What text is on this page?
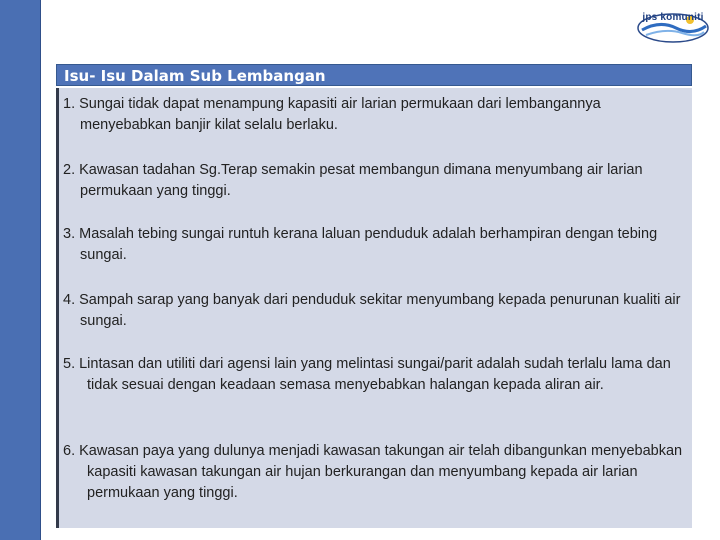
jps komuniti
Isu- Isu Dalam Sub Lembangan
1. Sungai tidak dapat menampung kapasiti air larian permukaan dari lembangannya menyebabkan banjir kilat selalu berlaku.
2. Kawasan tadahan Sg.Terap semakin pesat membangun dimana menyumbang air larian permukaan yang tinggi.
3. Masalah tebing sungai runtuh kerana laluan penduduk adalah berhampiran dengan tebing sungai.
4. Sampah sarap yang banyak dari penduduk sekitar menyumbang kepada penurunan kualiti air sungai.
5. Lintasan dan utiliti dari agensi lain yang melintasi sungai/parit adalah sudah terlalu lama dan tidak sesuai dengan keadaan semasa menyebabkan halangan kepada aliran air.
6. Kawasan paya yang dulunya menjadi kawasan takungan air telah dibangunkan menyebabkan kapasiti kawasan takungan air hujan berkurangan dan menyumbang kepada air larian permukaan yang tinggi.
